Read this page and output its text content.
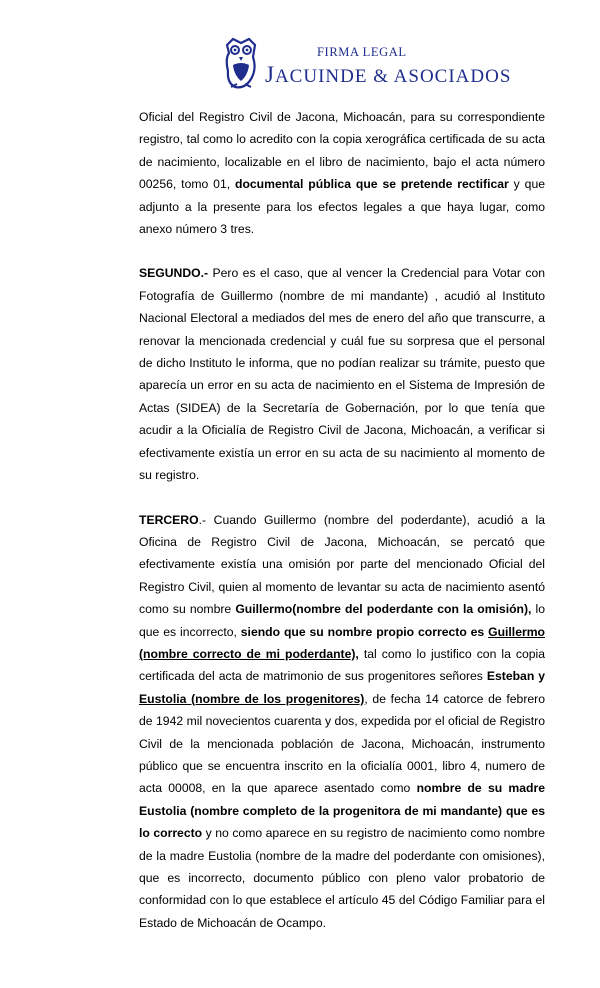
FIRMA LEGAL
JACUINDE & ASOCIADOS

Oficial del Registro Civil de Jacona, Michoacán, para su correspondiente registro, tal como lo acredito con la copia xerográfica certificada de su acta de nacimiento, localizable en el libro de nacimiento, bajo el acta número 00256, tomo 01, documental pública que se pretende rectificar y que adjunto a la presente para los efectos legales a que haya lugar, como anexo número 3 tres.

SEGUNDO.- Pero es el caso, que al vencer la Credencial para Votar con Fotografía de Guillermo (nombre de mi mandante) , acudió al Instituto Nacional Electoral a mediados del mes de enero del año que transcurre, a renovar la mencionada credencial y cuál fue su sorpresa que el personal de dicho Instituto le informa, que no podían realizar su trámite, puesto que aparecía un error en su acta de nacimiento en el Sistema de Impresión de Actas (SIDEA) de la Secretaría de Gobernación, por lo que tenía que acudir a la Oficialía de Registro Civil de Jacona, Michoacán, a verificar si efectivamente existía un error en su acta de su nacimiento al momento de su registro.

TERCERO.- Cuando Guillermo (nombre del poderdante), acudió a la Oficina de Registro Civil de Jacona, Michoacán, se percató que efectivamente existía una omisión por parte del mencionado Oficial del Registro Civil, quien al momento de levantar su acta de nacimiento asentó como su nombre Guillermo(nombre del poderdante con la omisión), lo que es incorrecto, siendo que su nombre propio correcto es Guillermo (nombre correcto de mi poderdante), tal como lo justifico con la copia certificada del acta de matrimonio de sus progenitores señores Esteban y Eustolia (nombre de los progenitores), de fecha 14 catorce de febrero de 1942 mil novecientos cuarenta y dos, expedida por el oficial de Registro Civil de la mencionada población de Jacona, Michoacán, instrumento público que se encuentra inscrito en la oficialía 0001, libro 4, numero de acta 00008, en la que aparece asentado como nombre de su madre Eustolia (nombre completo de la progenitora de mi mandante) que es lo correcto y no como aparece en su registro de nacimiento como nombre de la madre Eustolia (nombre de la madre del poderdante con omisiones), que es incorrecto, documento público con pleno valor probatorio de conformidad con lo que establece el artículo 45 del Código Familiar para el Estado de Michoacán de Ocampo.
